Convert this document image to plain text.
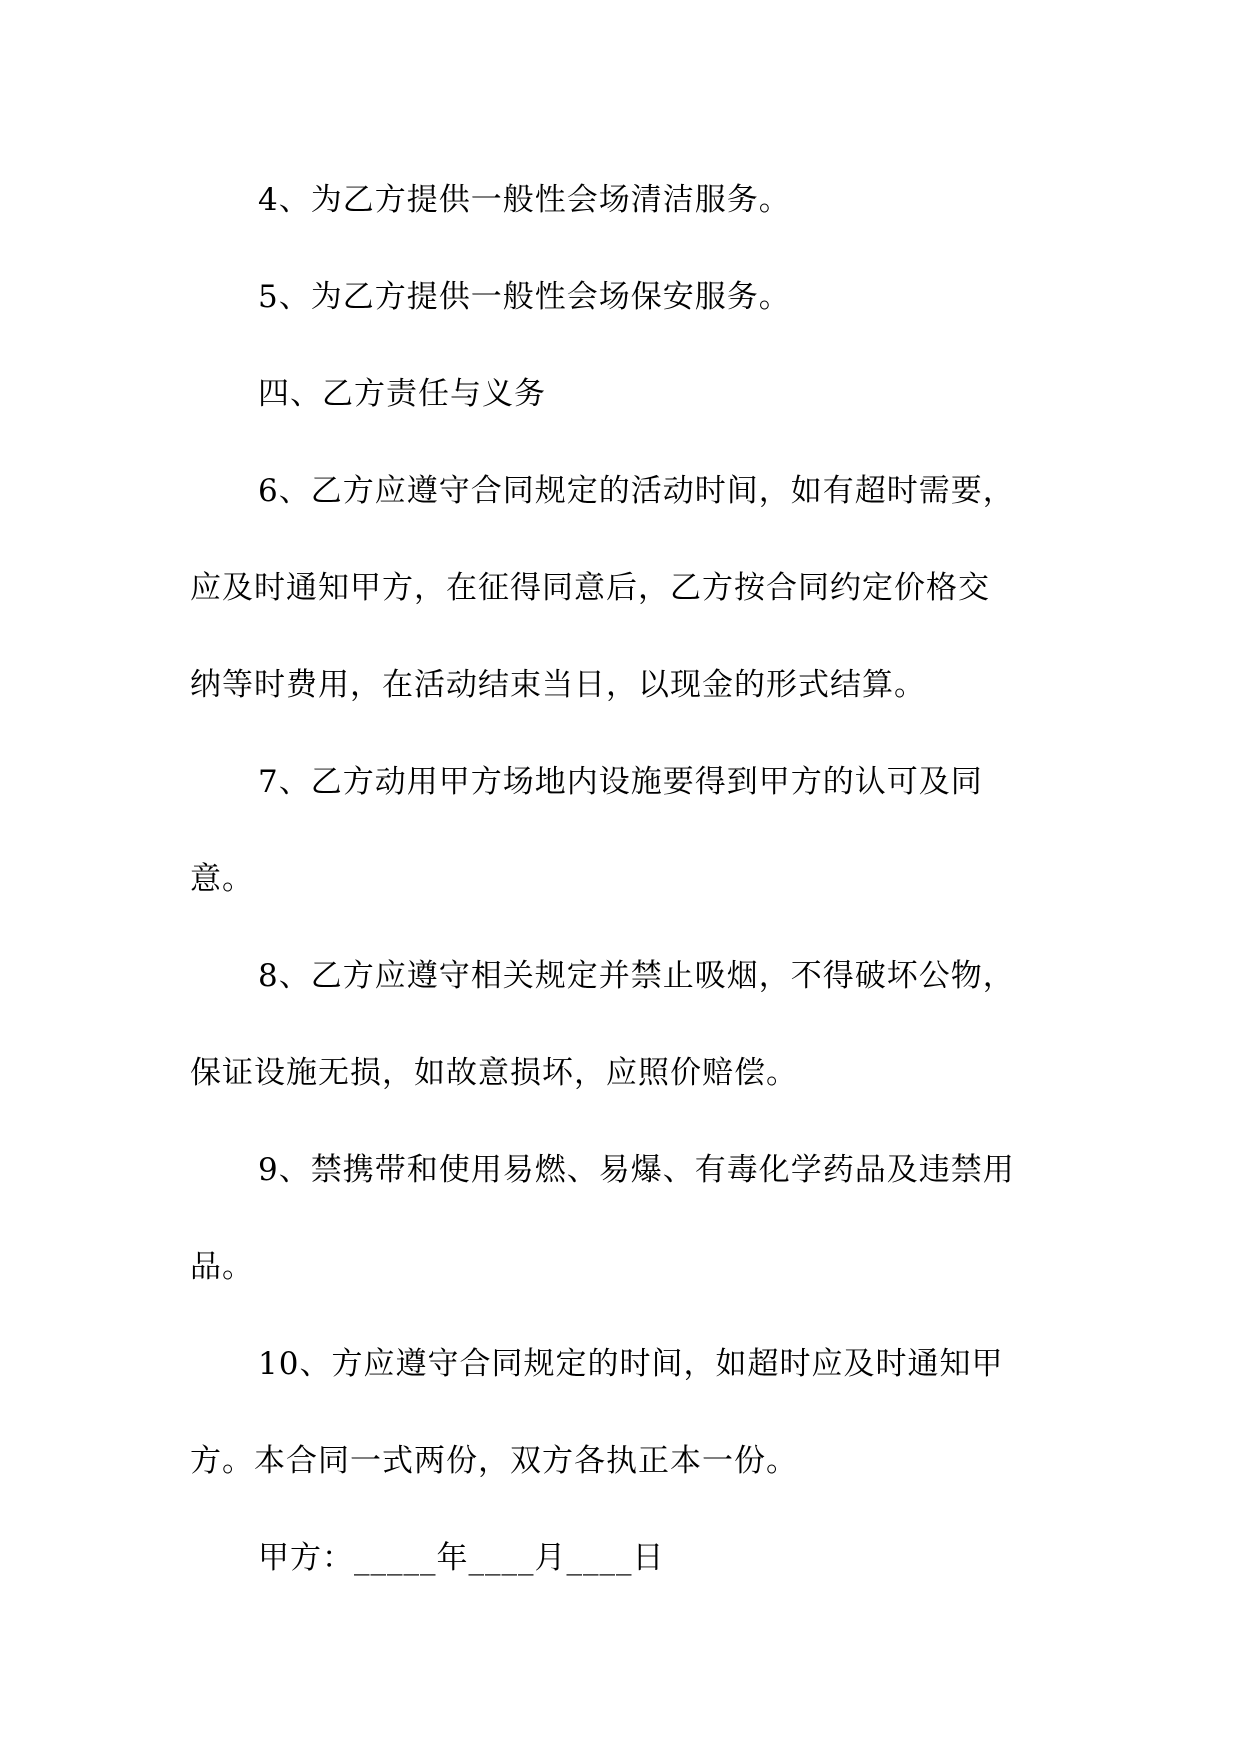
4、为乙方提供一般性会场清洁服务。
5、为乙方提供一般性会场保安服务。
四、乙方责任与义务
6、乙方应遵守合同规定的活动时间，如有超时需要，
应及时通知甲方，在征得同意后，乙方按合同约定价格交
纳等时费用，在活动结束当日，以现金的形式结算。
7、乙方动用甲方场地内设施要得到甲方的认可及同
意。
8、乙方应遵守相关规定并禁止吸烟，不得破坏公物，
保证设施无损，如故意损坏，应照价赔偿。
9、禁携带和使用易燃、易爆、有毒化学药品及违禁用
品。
10、方应遵守合同规定的时间，如超时应及时通知甲
方。本合同一式两份，双方各执正本一份。
甲方：_____年____月____日
